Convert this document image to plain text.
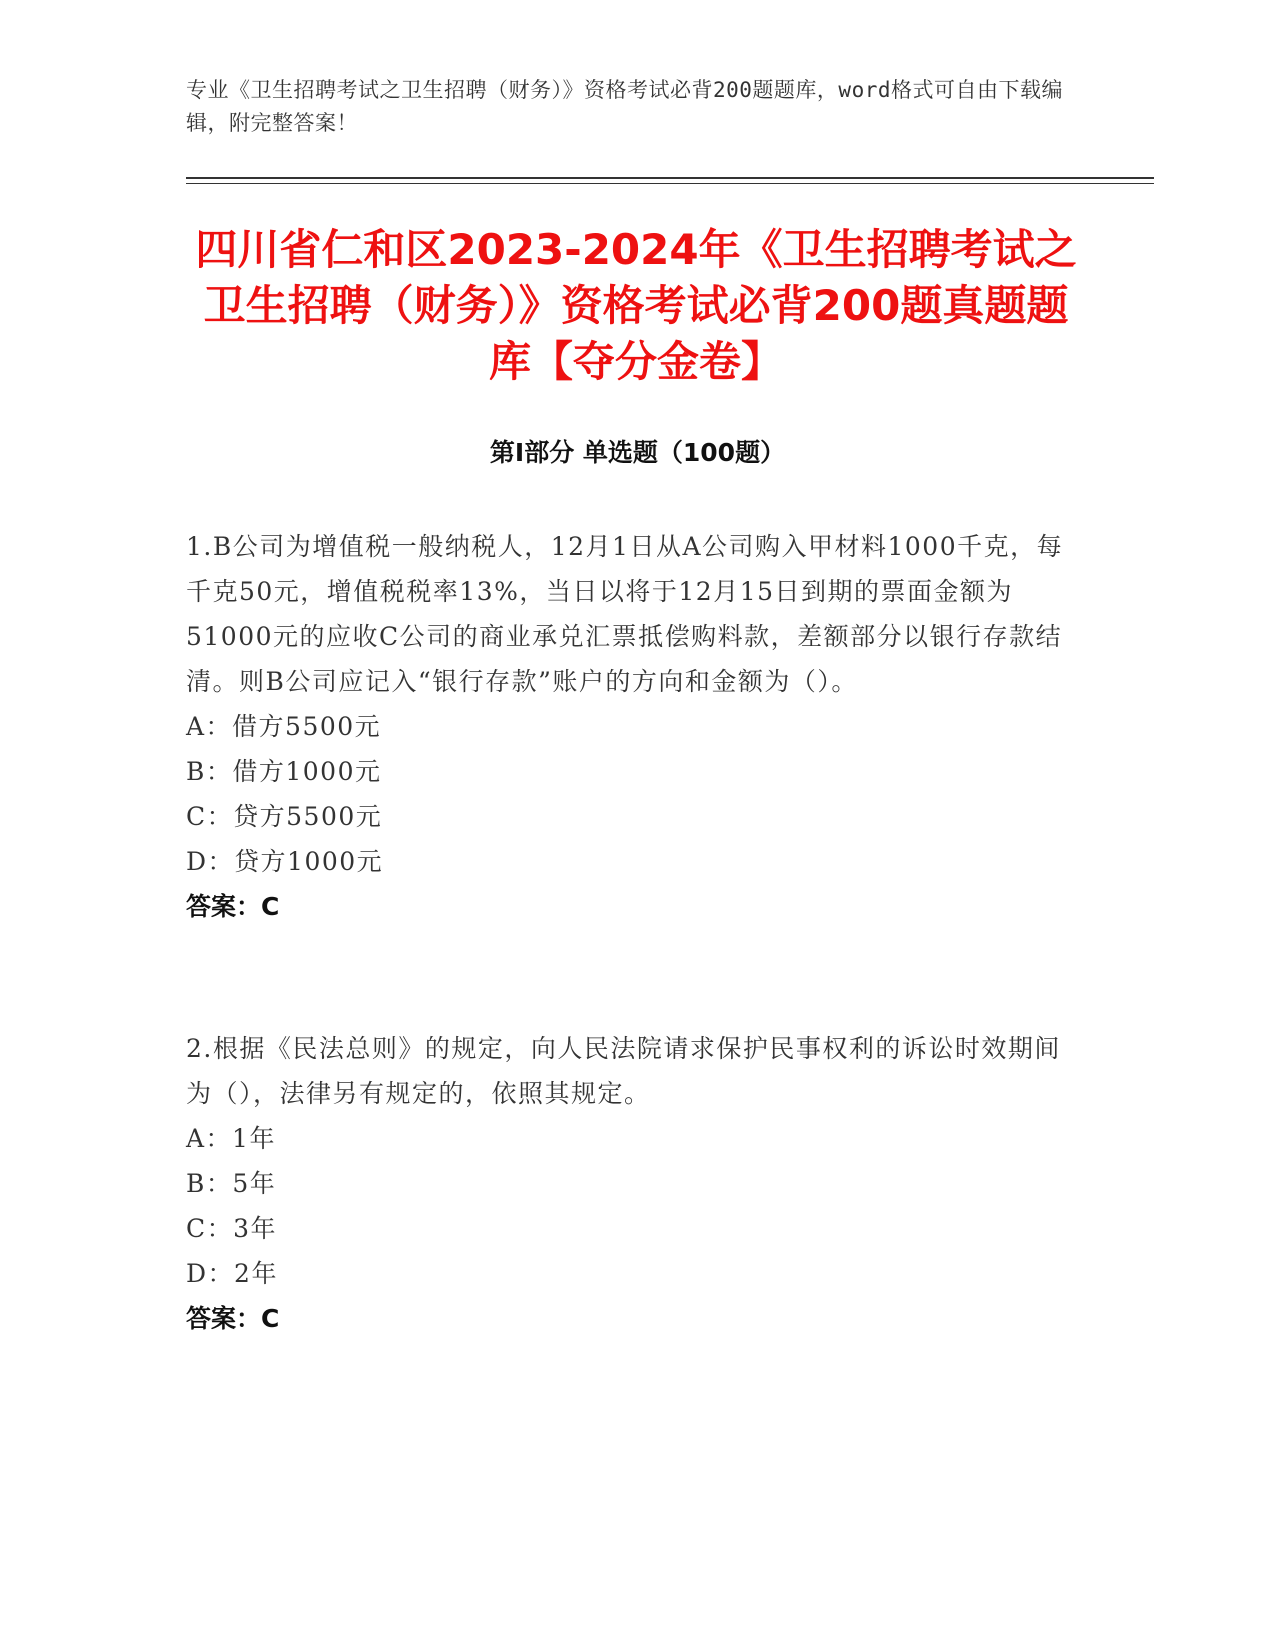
专业《卫生招聘考试之卫生招聘（财务）》资格考试必背200题题库，word格式可自由下载编辑，附完整答案！
四川省仁和区2023-2024年《卫生招聘考试之卫生招聘（财务）》资格考试必背200题真题题库【夺分金卷】
第Ⅰ部分 单选题（100题）

1.B公司为增值税一般纳税人，12月1日从A公司购入甲材料1000千克，每千克50元，增值税税率13%，当日以将于12月15日到期的票面金额为51000元的应收C公司的商业承兑汇票抵偿购料款，差额部分以银行存款结清。则B公司应记入“银行存款”账户的方向和金额为（）。

A：借方5500元

B：借方1000元

C：贷方5500元

D：贷方1000元

答案：C

2.根据《民法总则》的规定，向人民法院请求保护民事权利的诉讼时效期间为（），法律另有规定的，依照其规定。

A：1年

B：5年

C：3年

D：2年

答案：C
